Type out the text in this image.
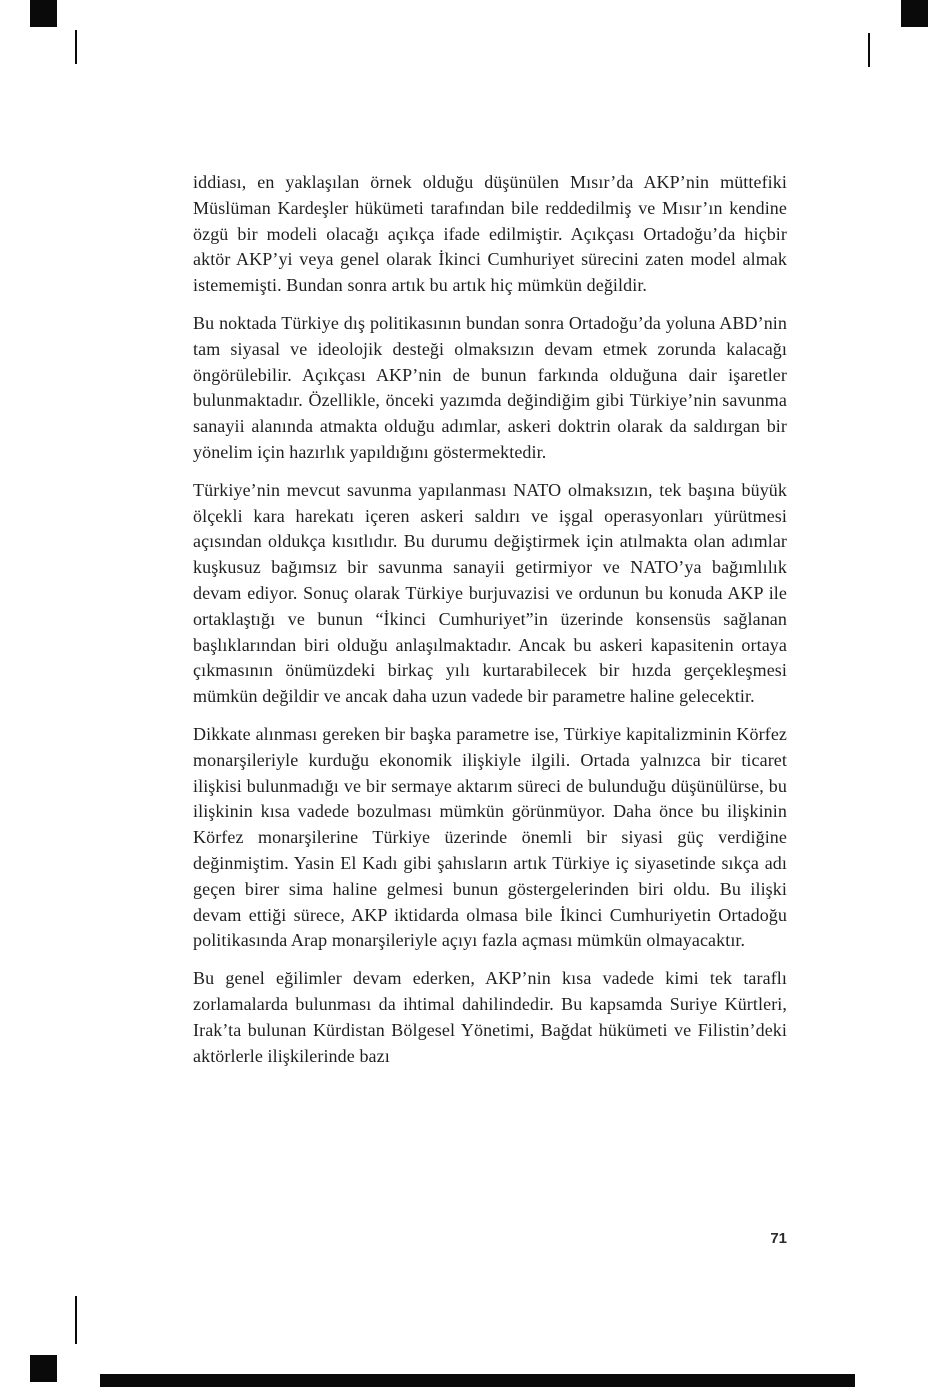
iddiası, en yaklaşılan örnek olduğu düşünülen Mısır’da AKP’nin müttefiki Müslüman Kardeşler hükümeti tarafından bile reddedilmiş ve Mısır’ın kendine özgü bir modeli olacağı açıkça ifade edilmiştir. Açıkçası Ortadoğu’da hiçbir aktör AKP’yi veya genel olarak İkinci Cumhuriyet sürecini zaten model almak istememişti. Bundan sonra artık bu artık hiç mümkün değildir.

Bu noktada Türkiye dış politikasının bundan sonra Ortadoğu’da yoluna ABD’nin tam siyasal ve ideolojik desteği olmaksızın devam etmek zorunda kalacağı öngörülebilir. Açıkçası AKP’nin de bunun farkında olduğuna dair işaretler bulunmaktadır. Özellikle, önceki yazımda değindiğim gibi Türkiye’nin savunma sanayii alanında atmakta olduğu adımlar, askeri doktrin olarak da saldırgan bir yönelim için hazırlık yapıldığını göstermektedir.

Türkiye’nin mevcut savunma yapılanması NATO olmaksızın, tek başına büyük ölçekli kara harekatı içeren askeri saldırı ve işgal operasyonları yürütmesi açısından oldukça kısıtlıdır. Bu durumu değiştirmek için atılmakta olan adımlar kuşkusuz bağımsız bir savunma sanayii getirmiyor ve NATO’ya bağımlılık devam ediyor. Sonuç olarak Türkiye burjuvazisi ve ordunun bu konuda AKP ile ortaklaştığı ve bunun “İkinci Cumhuriyet”in üzerinde konsensüs sağlanan başlıklarından biri olduğu anlaşılmaktadır. Ancak bu askeri kapasitenin ortaya çıkmasının önümüzdeki birkaç yılı kurtarabilecek bir hızda gerçekleşmesi mümkün değildir ve ancak daha uzun vadede bir parametre haline gelecektir.

Dikkate alınması gereken bir başka parametre ise, Türkiye kapitalizminin Körfez monarşileriyle kurduğu ekonomik ilişkiyle ilgili. Ortada yalnızca bir ticaret ilişkisi bulunmadığı ve bir sermaye aktarım süreci de bulunduğu düşünülürse, bu ilişkinin kısa vadede bozulması mümkün görünmüyor. Daha önce bu ilişkinin Körfez monarşilerine Türkiye üzerinde önemli bir siyasi güç verdiğine değinmiştim. Yasin El Kadı gibi şahısların artık Türkiye iç siyasetinde sıkça adı geçen birer sima haline gelmesi bunun göstergelerinden biri oldu. Bu ilişki devam ettiği sürece, AKP iktidarda olmasa bile İkinci Cumhuriyetin Ortadoğu politikasında Arap monarşileriyle açıyı fazla açması mümkün olmayacaktır.

Bu genel eğilimler devam ederken, AKP’nin kısa vadede kimi tek taraflı zorlamalarda bulunması da ihtimal dahilindedir. Bu kapsamda Suriye Kürtleri, Irak’ta bulunan Kürdistan Bölgesel Yönetimi, Bağdat hükümeti ve Filistin’deki aktörlerle ilişkilerinde bazı

71
